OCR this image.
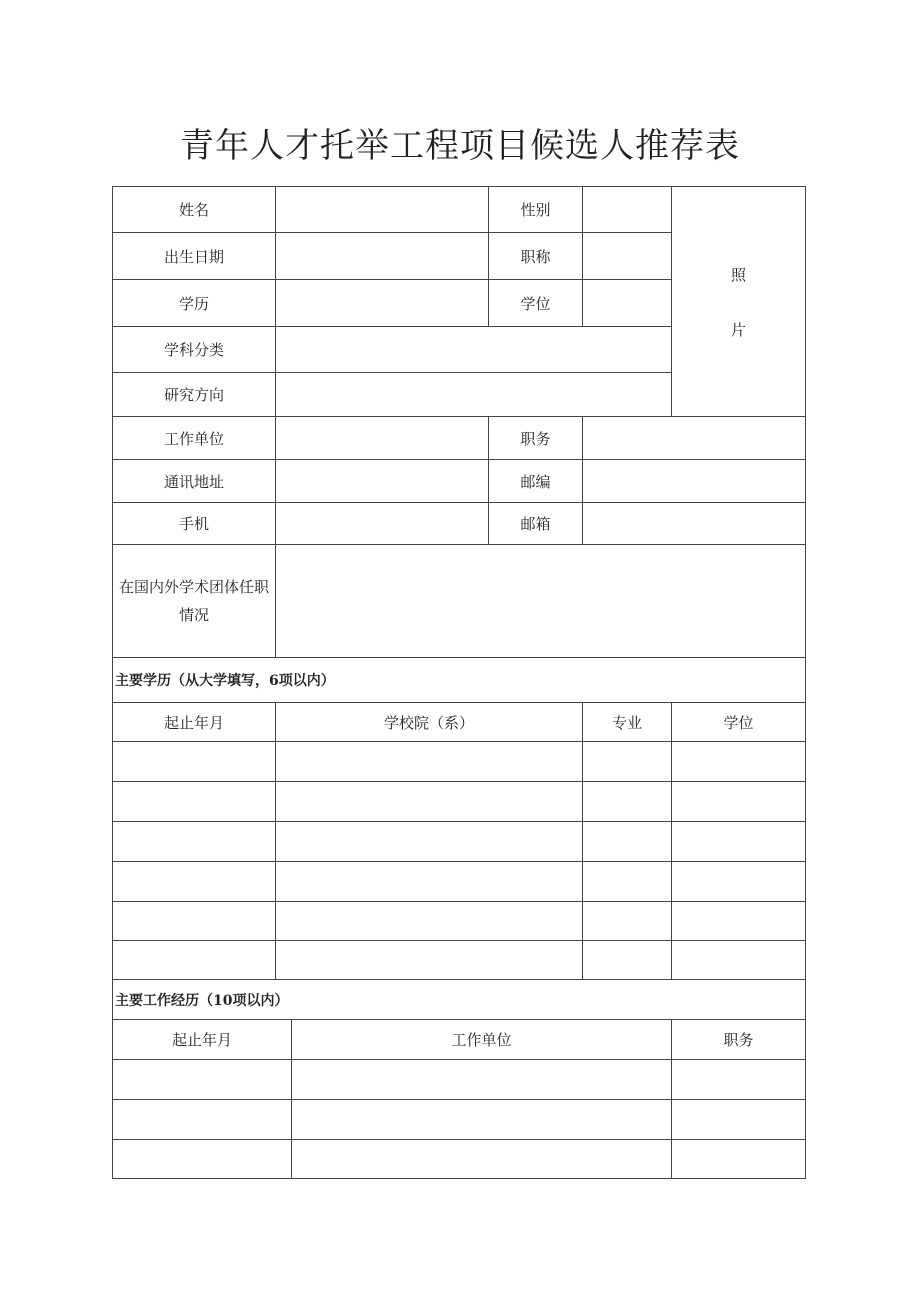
青年人才托举工程项目候选人推荐表
姓名	性别
照
片
出生日期	职称
学历	学位
学科分类
研究方向
工作单位	职务
通讯地址	邮编
手机	邮箱
在国内外学术团体任职情况
主要学历（从大学填写，6项以内）
起止年月	学校院（系）	专业	学位
主要工作经历（10项以内）
起止年月	工作单位	职务
